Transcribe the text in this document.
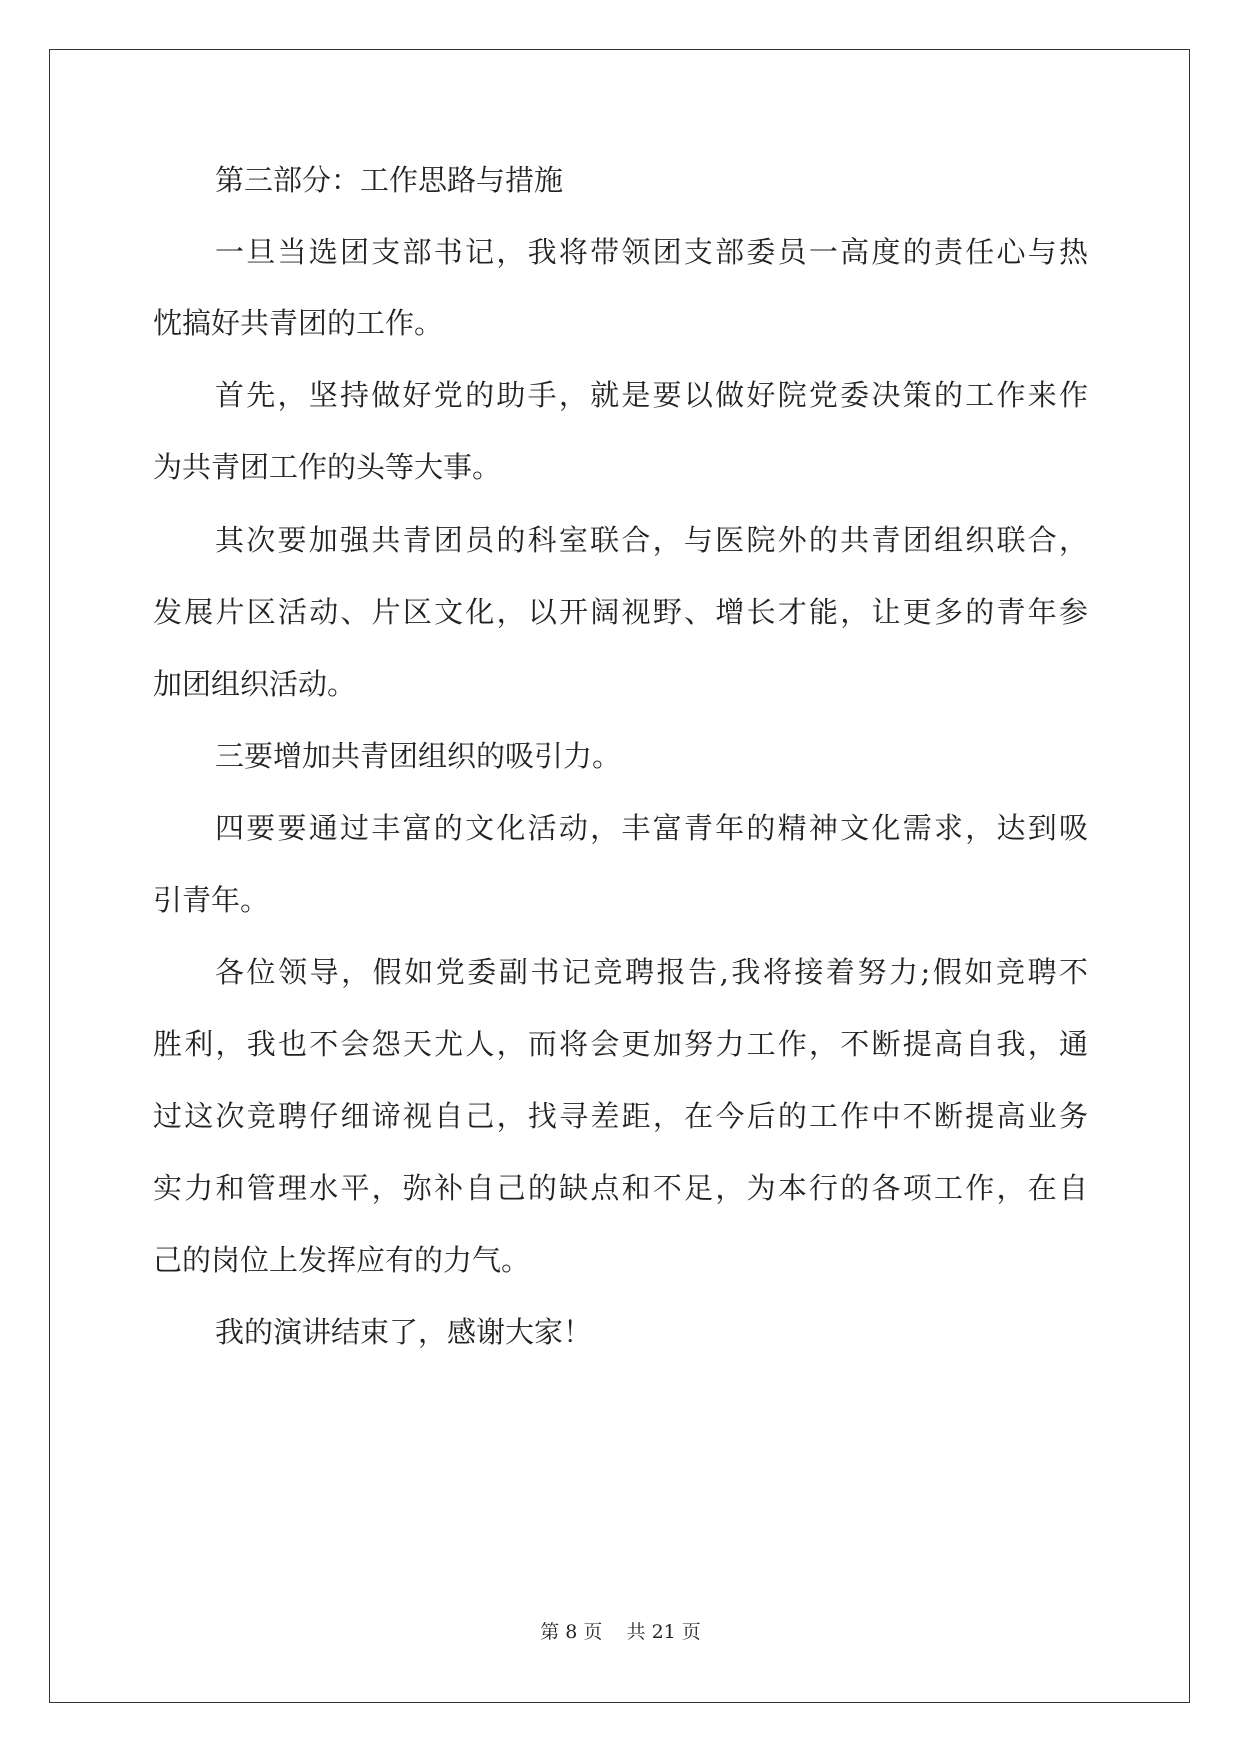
第三部分：工作思路与措施
一旦当选团支部书记，我将带领团支部委员一高度的责任心与热
忱搞好共青团的工作。
首先，坚持做好党的助手，就是要以做好院党委决策的工作来作
为共青团工作的头等大事。
其次要加强共青团员的科室联合，与医院外的共青团组织联合，
发展片区活动、片区文化，以开阔视野、增长才能，让更多的青年参
加团组织活动。
三要增加共青团组织的吸引力。
四要要通过丰富的文化活动，丰富青年的精神文化需求，达到吸
引青年。
各位领导，假如党委副书记竞聘报告,我将接着努力;假如竞聘不
胜利，我也不会怨天尤人，而将会更加努力工作，不断提高自我，通
过这次竞聘仔细谛视自己，找寻差距，在今后的工作中不断提高业务
实力和管理水平，弥补自己的缺点和不足，为本行的各项工作，在自
己的岗位上发挥应有的力气。
我的演讲结束了，感谢大家！
第 8 页    共 21 页
